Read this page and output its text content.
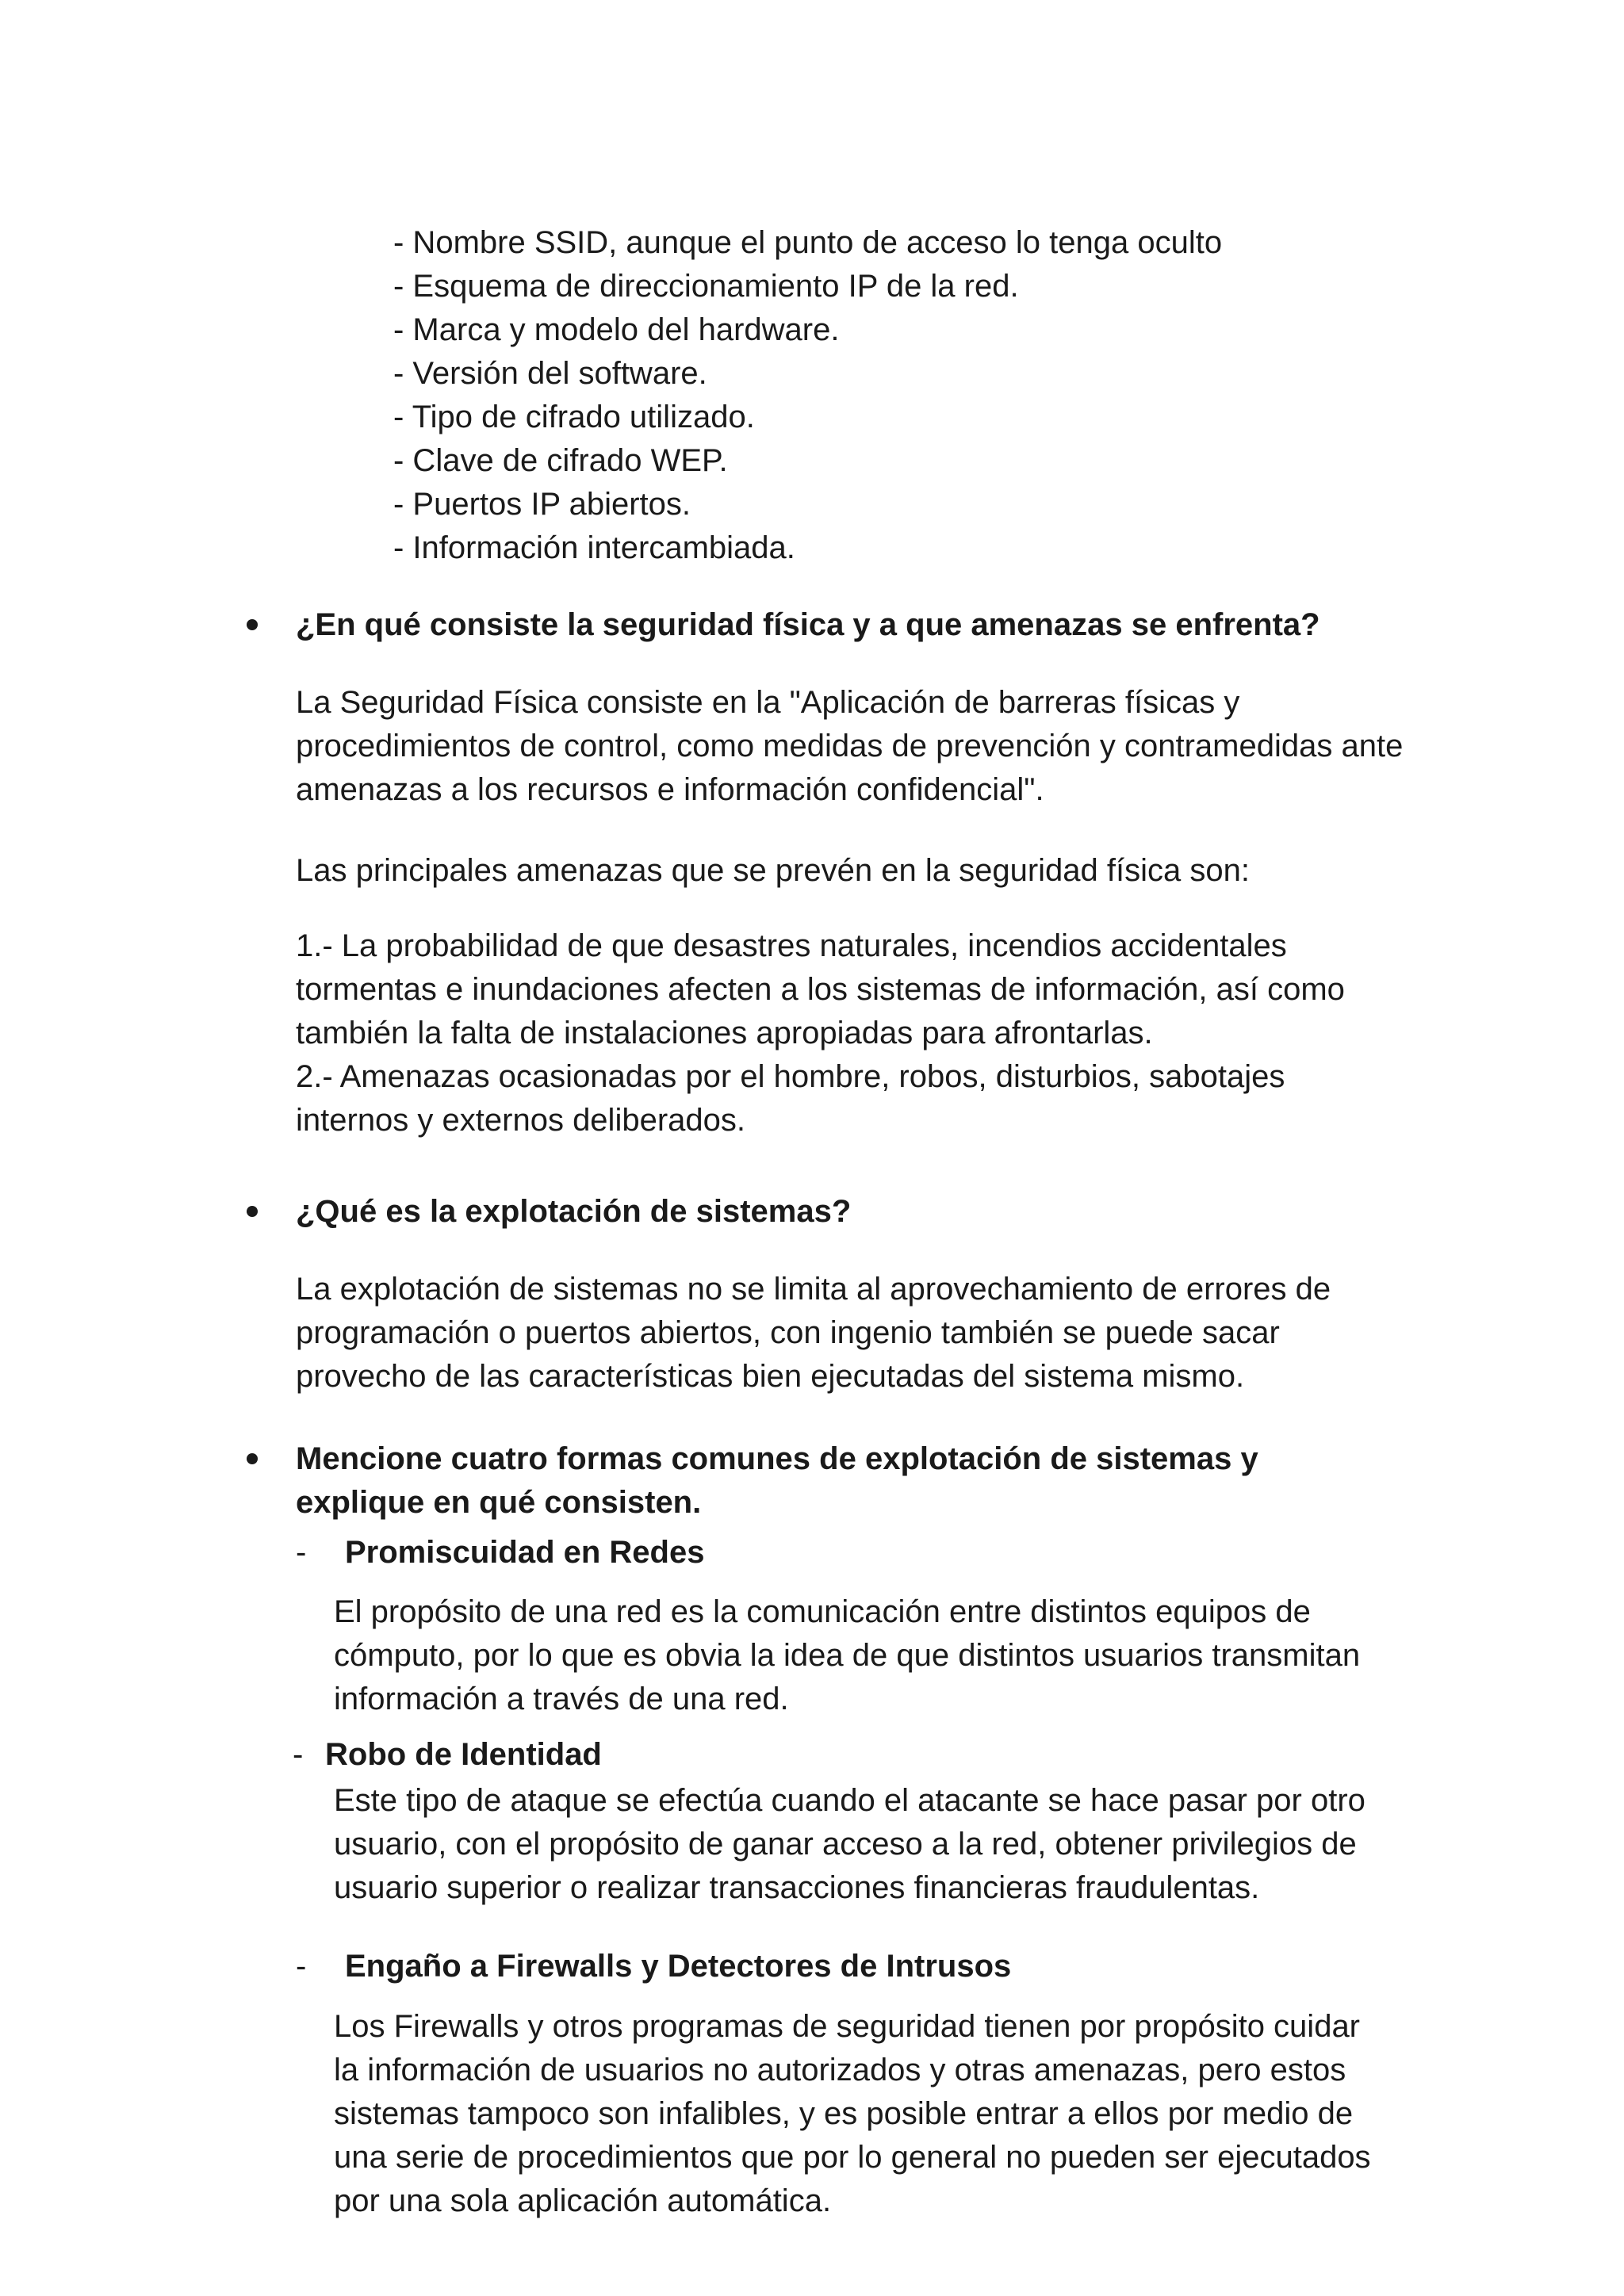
- Nombre SSID, aunque el punto de acceso lo tenga oculto

- Esquema de direccionamiento IP de la red.

- Marca y modelo del hardware.

- Versión del software.

- Tipo de cifrado utilizado.

- Clave de cifrado WEP.

- Puertos IP abiertos.

- Información intercambiada.

¿En qué consiste la seguridad física y a que amenazas se enfrenta?

La Seguridad Física consiste en la "Aplicación de barreras físicas y

procedimientos de control, como medidas de prevención y contramedidas ante

amenazas a los recursos e información confidencial".

Las principales amenazas que se prevén en la seguridad física son:

1.- La probabilidad de que desastres naturales, incendios accidentales

tormentas e inundaciones afecten a los sistemas de información, así como

también la falta de instalaciones apropiadas para afrontarlas.

2.- Amenazas ocasionadas por el hombre, robos, disturbios, sabotajes

internos y externos deliberados.

¿Qué es la explotación de sistemas?

La explotación de sistemas no se limita al aprovechamiento de errores de

programación o puertos abiertos, con ingenio también se puede sacar

provecho de las características bien ejecutadas del sistema mismo.

Mencione cuatro formas comunes de explotación de sistemas y

explique en qué consisten.

- Promiscuidad en Redes

El propósito de una red es la comunicación entre distintos equipos de

cómputo, por lo que es obvia la idea de que distintos usuarios transmitan

información a través de una red.

- Robo de Identidad

Este tipo de ataque se efectúa cuando el atacante se hace pasar por otro

usuario, con el propósito de ganar acceso a la red, obtener privilegios de

usuario superior o realizar transacciones financieras fraudulentas.

- Engaño a Firewalls y Detectores de Intrusos

Los Firewalls y otros programas de seguridad tienen por propósito cuidar

la información de usuarios no autorizados y otras amenazas, pero estos

sistemas tampoco son infalibles, y es posible entrar a ellos por medio de

una serie de procedimientos que por lo general no pueden ser ejecutados

por una sola aplicación automática.
